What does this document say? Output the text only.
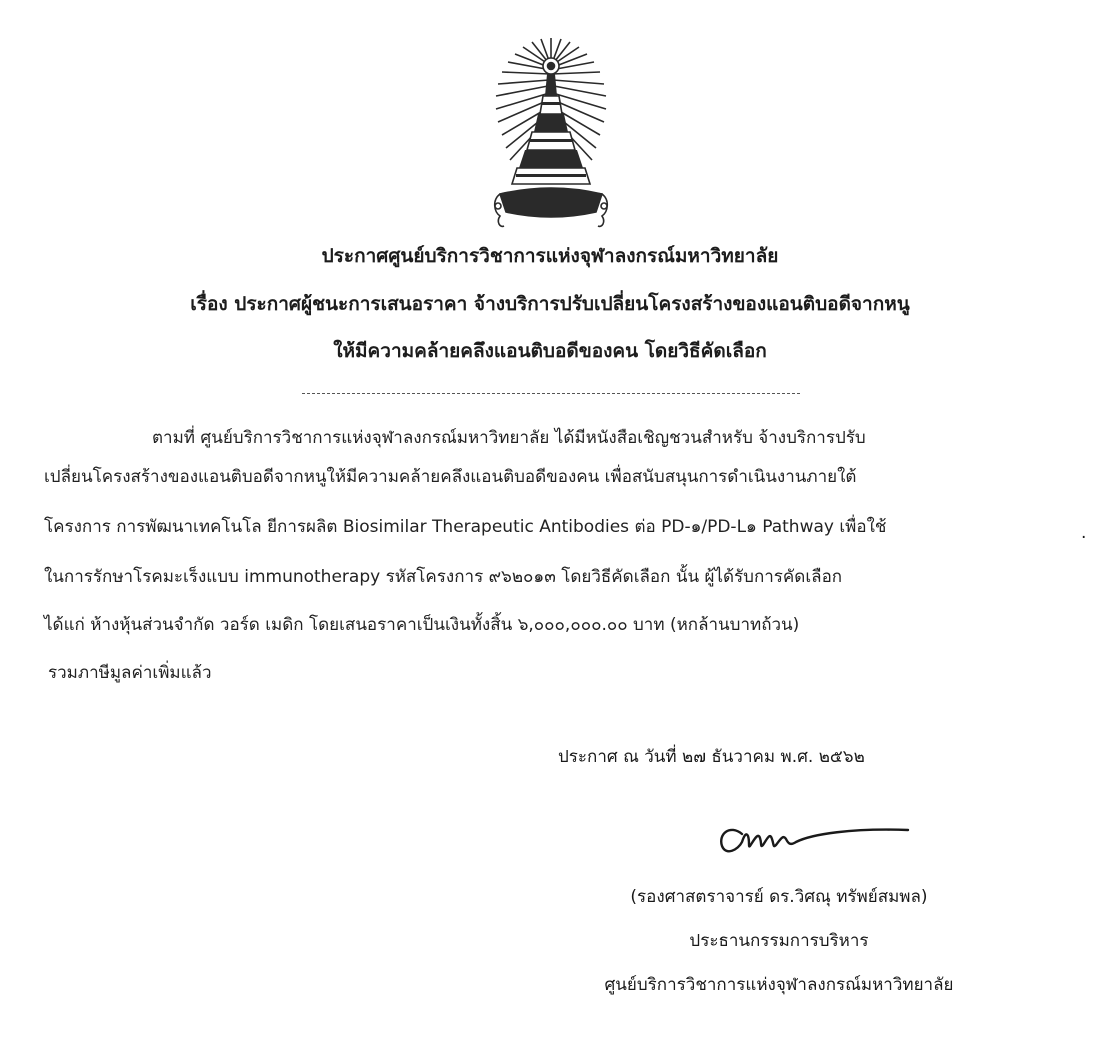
ประกาศศูนย์บริการวิชาการแห่งจุฬาลงกรณ์มหาวิทยาลัย
เรื่อง ประกาศผู้ชนะการเสนอราคา จ้างบริการปรับเปลี่ยนโครงสร้างของแอนติบอดีจากหนู
ให้มีความคล้ายคลึงแอนติบอดีของคน โดยวิธีคัดเลือก
ตามที่ ศูนย์บริการวิชาการแห่งจุฬาลงกรณ์มหาวิทยาลัย ได้มีหนังสือเชิญชวนสำหรับ จ้างบริการปรับ
เปลี่ยนโครงสร้างของแอนติบอดีจากหนูให้มีความคล้ายคลึงแอนติบอดีของคน เพื่อสนับสนุนการดำเนินงานภายใต้
โครงการ การพัฒนาเทคโนโล ยีการผลิต Biosimilar Therapeutic Antibodies ต่อ PD-๑/PD-L๑ Pathway เพื่อใช้
ในการรักษาโรคมะเร็งแบบ immunotherapy รหัสโครงการ ๙๖๒๐๑๓ โดยวิธีคัดเลือก นั้น ผู้ได้รับการคัดเลือก
ได้แก่ ห้างหุ้นส่วนจำกัด วอร์ด เมดิก โดยเสนอราคาเป็นเงินทั้งสิ้น ๖,๐๐๐,๐๐๐.๐๐ บาท (หกล้านบาทถ้วน)
รวมภาษีมูลค่าเพิ่มแล้ว
.
ประกาศ ณ วันที่ ๒๗ ธันวาคม พ.ศ. ๒๕๖๒
(รองศาสตราจารย์ ดร.วิศณุ ทรัพย์สมพล)
ประธานกรรมการบริหาร
ศูนย์บริการวิชาการแห่งจุฬาลงกรณ์มหาวิทยาลัย
